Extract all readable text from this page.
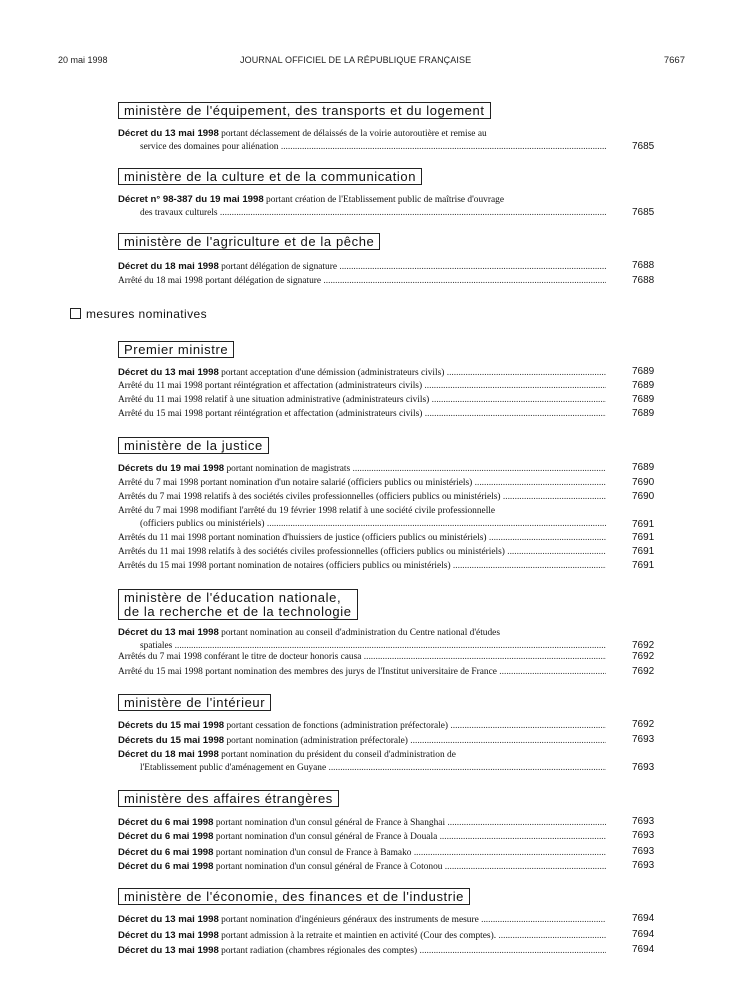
20 mai 1998	JOURNAL OFFICIEL DE LA RÉPUBLIQUE FRANÇAISE	7667
mesures nominatives
ministère de l'équipement, des transports et du logement
Décret du 13 mai 1998 portant déclassement de délaissés de la voirie autoroutière et remise au
service des domaines pour aliénation .....	7685
ministère de la culture et de la communication
Décret n° 98-387 du 19 mai 1998 portant création de l'Etablissement public de maîtrise d'ouvrage
des travaux culturels .....	7685
ministère de l'agriculture et de la pêche
Décret du 18 mai 1998 portant délégation de signature .....	7688
Arrêté du 18 mai 1998 portant délégation de signature .....	7688
Premier ministre
Décret du 13 mai 1998 portant acceptation d'une démission (administrateurs civils) .....	7689
Arrêté du 11 mai 1998 portant réintégration et affectation (administrateurs civils) .....	7689
Arrêté du 11 mai 1998 relatif à une situation administrative (administrateurs civils) .....	7689
Arrêté du 15 mai 1998 portant réintégration et affectation (administrateurs civils) .....	7689
ministère de la justice
Décrets du 19 mai 1998 portant nomination de magistrats .....	7689
Arrêté du 7 mai 1998 portant nomination d'un notaire salarié (officiers publics ou ministériels) .....	7690
Arrêtés du 7 mai 1998 relatifs à des sociétés civiles professionnelles (officiers publics ou ministériels) .....	7690
Arrêté du 7 mai 1998 modifiant l'arrêté du 19 février 1998 relatif à une société civile professionnelle
(officiers publics ou ministériels) .....	7691
Arrêtés du 11 mai 1998 portant nomination d'huissiers de justice (officiers publics ou ministériels) .....	7691
Arrêtés du 11 mai 1998 relatifs à des sociétés civiles professionnelles (officiers publics ou ministériels) .....	7691
Arrêtés du 15 mai 1998 portant nomination de notaires (officiers publics ou ministériels) .....	7691
ministère de l'éducation nationale,
de la recherche et de la technologie
Décret du 13 mai 1998 portant nomination au conseil d'administration du Centre national d'études
spatiales .....	7692
Arrêtés du 7 mai 1998 conférant le titre de docteur honoris causa .....	7692
Arrêté du 15 mai 1998 portant nomination des membres des jurys de l'Institut universitaire de France .....	7692
ministère de l'intérieur
Décrets du 15 mai 1998 portant cessation de fonctions (administration préfectorale) .....	7692
Décrets du 15 mai 1998 portant nomination (administration préfectorale) .....	7693
Décret du 18 mai 1998 portant nomination du président du conseil d'administration de
l'Etablissement public d'aménagement en Guyane .....	7693
ministère des affaires étrangères
Décret du 6 mai 1998 portant nomination d'un consul général de France à Shanghai .....	7693
Décret du 6 mai 1998 portant nomination d'un consul général de France à Douala .....	7693
Décret du 6 mai 1998 portant nomination d'un consul de France à Bamako .....	7693
Décret du 6 mai 1998 portant nomination d'un consul général de France à Cotonou .....	7693
ministère de l'économie, des finances et de l'industrie
Décret du 13 mai 1998 portant nomination d'ingénieurs généraux des instruments de mesure .....	7694
Décret du 13 mai 1998 portant admission à la retraite et maintien en activité (Cour des comptes). .....	7694
Décret du 13 mai 1998 portant radiation (chambres régionales des comptes) .....	7694
